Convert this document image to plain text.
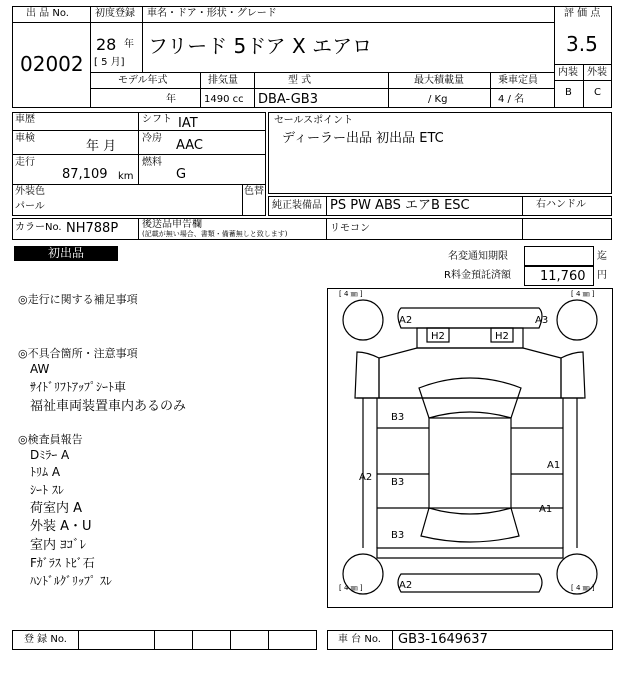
出 品 No.
02002
初度登録
28 年
[ 5 月]
車名・ドア・形状・グレード
フリード 5ドア X エアロ
評 価 点
3.5
内装 外装
B C
モデル年式
年
排気量
1490 cc
型 式
DBA-GB3
最大積載量
/ Kg
乗車定員
4 / 名
車歴	シフト IAT
車検
年 月
冷房 AAC
走行
87,109 km
燃料
G
外装色
パール
色替
セールスポイント
ディーラー出品 初出品 ETC
純正装備品 PS PW ABS エアB ESC	右ハンドル
カラーNo. NH788P 後送品申告欄
(記載が無い場合、書類・備蓄無しと致します)	リモコン
初出品	名変通知期限	迄
R料金預託済額 11,760 円
◎走行に関する補足事項
◎不具合箇所・注意事項
AW
ｻｲﾄﾞﾘﾌﾄｱｯﾌﾟｼｰﾄ車
福祉車両装置車内あるのみ
◎検査員報告
Dﾐﾗｰ A
ﾄﾘﾑ A
ｼｰﾄ ｽﾚ
荷室内 A
外装 A・U
室内 ﾖｺﾞﾚ
Fｶﾞﾗｽ ﾄﾋﾞ石
ﾊﾝﾄﾞﾙｸﾞﾘｯﾌﾟ ｽﾚ
[ 4 ㎜ ]	[ 4 ㎜ ]
[ 4 ㎜ ]	[ 4 ㎜ ]
A2	A3
H2	H2
B3
A1
A2 B3
A1
B3
A2
登 録 No.	車 台 No. GB3-1649637
